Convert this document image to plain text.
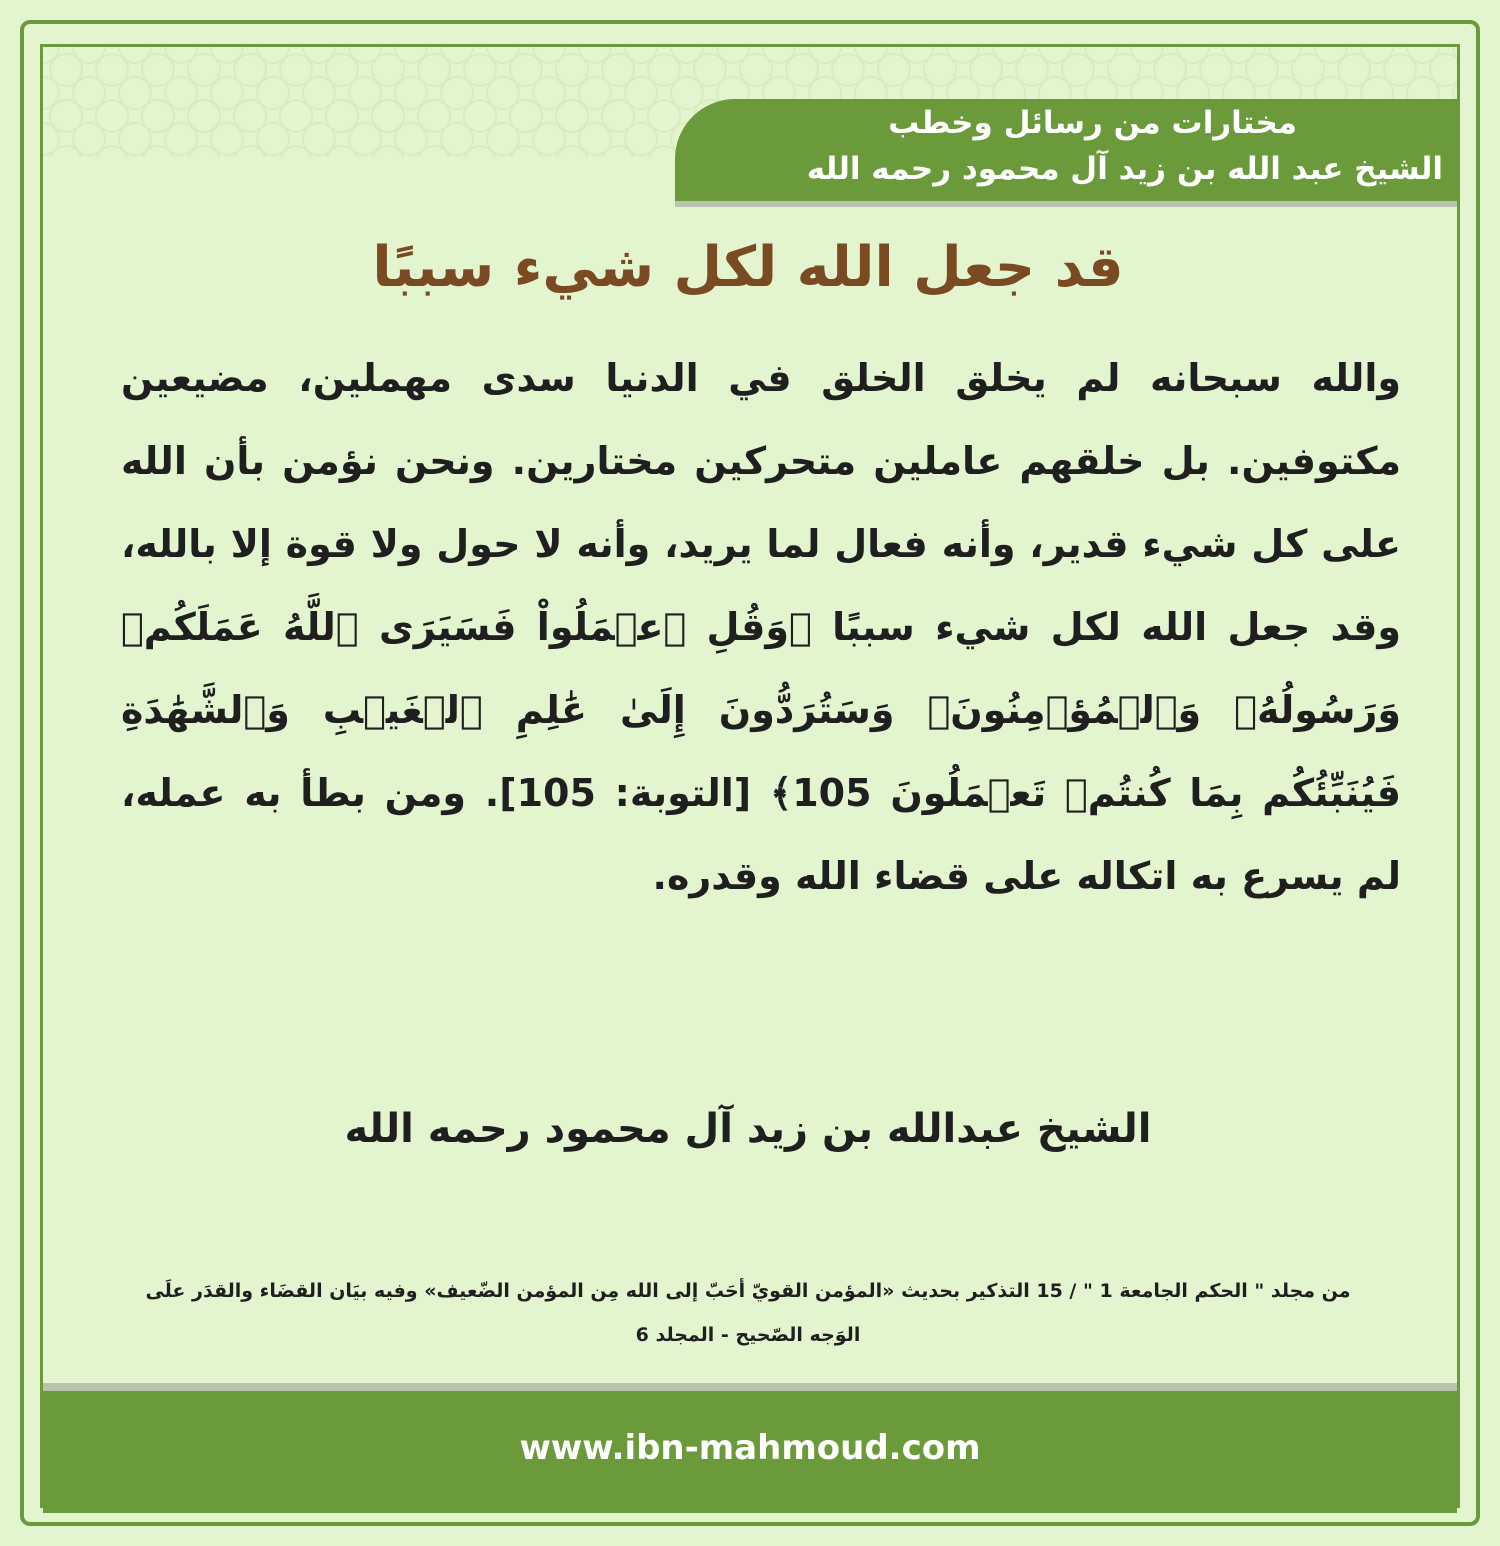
مختارات من رسائل وخطب
الشيخ عبد الله بن زيد آل محمود رحمه الله
قد جعل الله لكل شيء سببًا
والله سبحانه لم يخلق الخلق في الدنيا سدى مهملين، مضيعين مكتوفين. بل خلقهم عاملين متحركين مختارين. ونحن نؤمن بأن الله على كل شيء قدير، وأنه فعال لما يريد، وأنه لا حول ولا قوة إلا بالله، وقد جعل الله لكل شيء سببًا ﴿وَقُلِ ٱعۡمَلُواْ فَسَيَرَى ٱللَّهُ عَمَلَكُمۡ وَرَسُولُهُۥ وَٱلۡمُؤۡمِنُونَۖ وَسَتُرَدُّونَ إِلَىٰ عَٰلِمِ ٱلۡغَيۡبِ وَٱلشَّهَٰدَةِ فَيُنَبِّئُكُم بِمَا كُنتُمۡ تَعۡمَلُونَ 105﴾ [التوبة: 105]. ومن بطأ به عمله، لم يسرع به اتكاله على قضاء الله وقدره.
الشيخ عبدالله بن زيد آل محمود رحمه الله
من مجلد " الحكم الجامعة 1 " / 15 التذكير بحديث «المؤمن القويّ أحَبّ إلى الله مِن المؤمن الضّعيف» وفيه بيَان القضَاء والقدَر علَى الوَجه الصّحيح - المجلد 6
www.ibn-mahmoud.com
